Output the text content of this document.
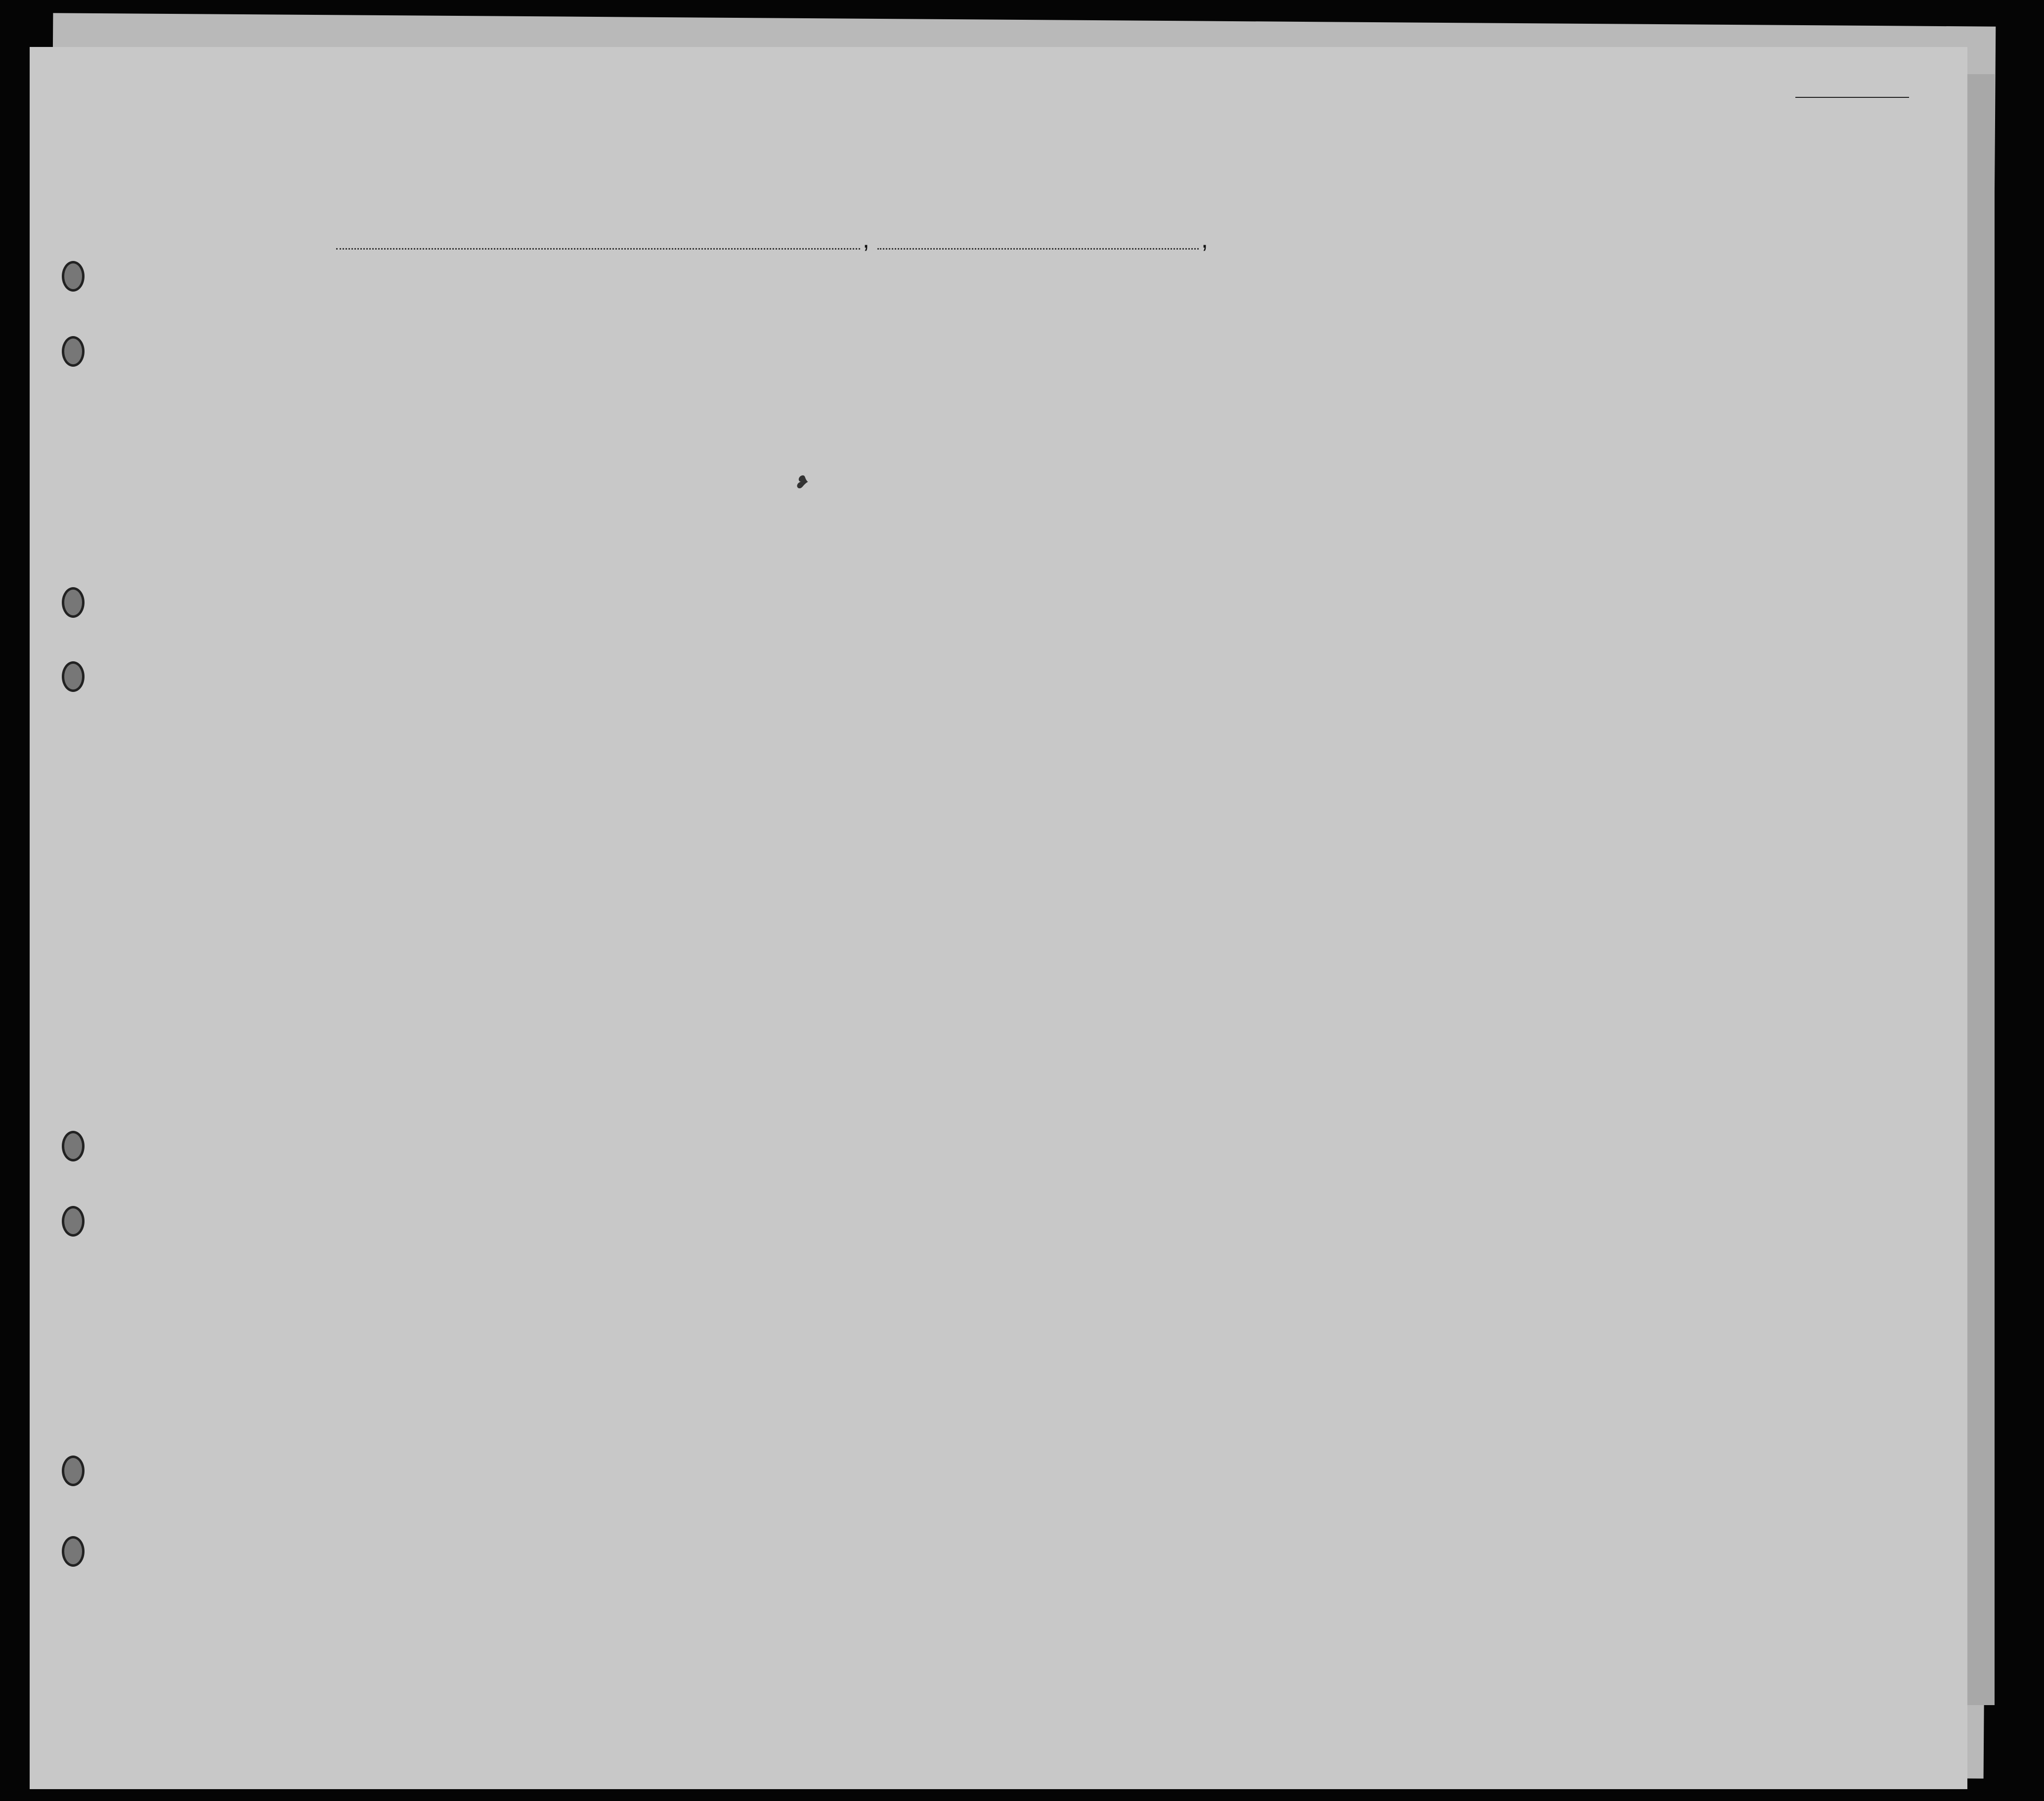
,	,
❥
